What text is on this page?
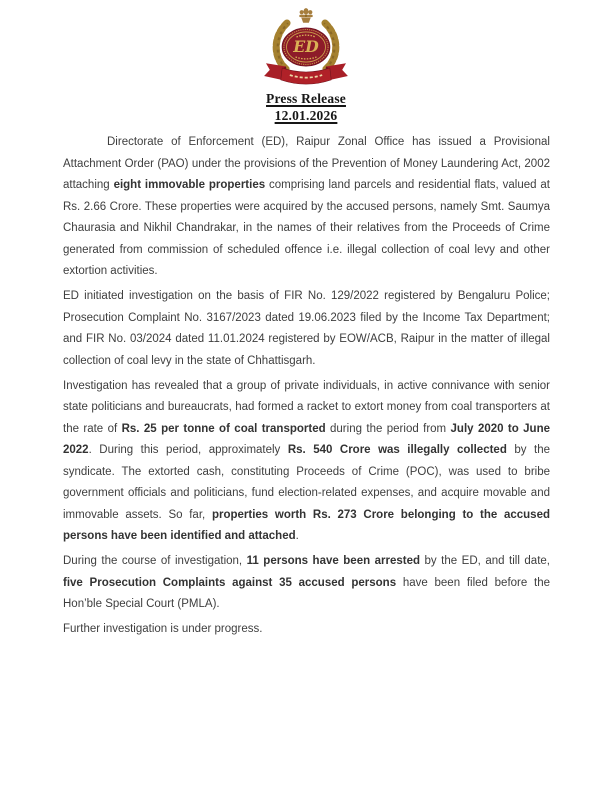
ED
Press Release
12.01.2026

Directorate of Enforcement (ED), Raipur Zonal Office has issued a Provisional Attachment Order (PAO) under the provisions of the Prevention of Money Laundering Act, 2002 attaching eight immovable properties comprising land parcels and residential flats, valued at Rs. 2.66 Crore. These properties were acquired by the accused persons, namely Smt. Saumya Chaurasia and Nikhil Chandrakar, in the names of their relatives from the Proceeds of Crime generated from commission of scheduled offence i.e. illegal collection of coal levy and other extortion activities.

ED initiated investigation on the basis of FIR No. 129/2022 registered by Bengaluru Police; Prosecution Complaint No. 3167/2023 dated 19.06.2023 filed by the Income Tax Department; and FIR No. 03/2024 dated 11.01.2024 registered by EOW/ACB, Raipur in the matter of illegal collection of coal levy in the state of Chhattisgarh.

Investigation has revealed that a group of private individuals, in active connivance with senior state politicians and bureaucrats, had formed a racket to extort money from coal transporters at the rate of Rs. 25 per tonne of coal transported during the period from July 2020 to June 2022. During this period, approximately Rs. 540 Crore was illegally collected by the syndicate. The extorted cash, constituting Proceeds of Crime (POC), was used to bribe government officials and politicians, fund election-related expenses, and acquire movable and immovable assets. So far, properties worth Rs. 273 Crore belonging to the accused persons have been identified and attached.

During the course of investigation, 11 persons have been arrested by the ED, and till date, five Prosecution Complaints against 35 accused persons have been filed before the Hon’ble Special Court (PMLA).

Further investigation is under progress.
